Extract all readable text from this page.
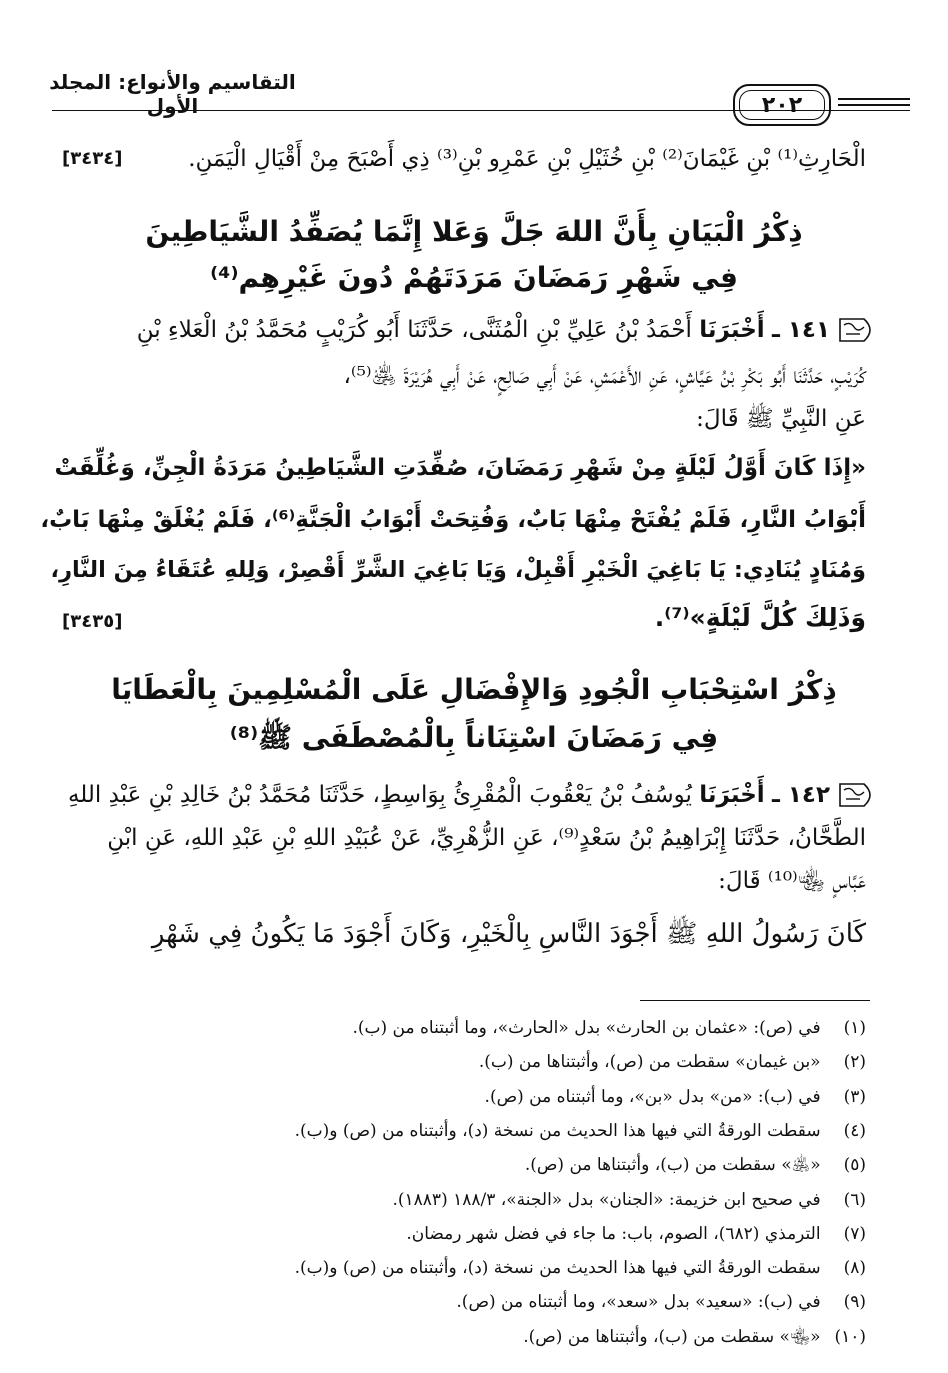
التقاسيم والأنواع: المجلد الأول	٢٠٢
[٣٤٣٤]	الْحَارِثِ⁽¹⁾ بْنِ غَيْمَانَ⁽²⁾ بْنِ خُثَيْلِ بْنِ عَمْرِو بْنِ⁽³⁾ ذِي أَصْبَحَ مِنْ أَقْيَالِ الْيَمَنِ.
ذِكْرُ الْبَيَانِ بِأَنَّ اللهَ جَلَّ وَعَلا إِنَّمَا يُصَفِّدُ الشَّيَاطِينَ
فِي شَهْرِ رَمَضَانَ مَرَدَتَهُمْ دُونَ غَيْرِهِم⁽⁴⁾
١٤١ ـ أَخْبَرَنَا أَحْمَدُ بْنُ عَلِيِّ بْنِ الْمُثَنَّى، حَدَّثَنَا أَبُو كُرَيْبٍ مُحَمَّدُ بْنُ الْعَلاءِ بْنِ
كُرَيْبٍ، حَدَّثَنَا أَبُو بَكْرِ بْنُ عَيَّاشٍ، عَنِ الأَعْمَشِ، عَنْ أَبِي صَالِحٍ، عَنْ أَبِي هُرَيْرَةَ ﵁⁽⁵⁾،
عَنِ النَّبِيِّ ﷺ قَالَ:
«إِذَا كَانَ أَوَّلُ لَيْلَةٍ مِنْ شَهْرِ رَمَضَانَ، صُفِّدَتِ الشَّيَاطِينُ مَرَدَةُ الْجِنِّ، وَغُلِّقَتْ
أَبْوَابُ النَّارِ، فَلَمْ يُفْتَحْ مِنْهَا بَابٌ، وَفُتِحَتْ أَبْوَابُ الْجَنَّةِ⁽⁶⁾، فَلَمْ يُغْلَقْ مِنْهَا بَابٌ،
وَمُنَادٍ يُنَادِي: يَا بَاغِيَ الْخَيْرِ أَقْبِلْ، وَيَا بَاغِيَ الشَّرِّ أَقْصِرْ، وَلِلهِ عُتَقَاءُ مِنَ النَّارِ،
وَذَلِكَ كُلَّ لَيْلَةٍ»⁽⁷⁾.
[٣٤٣٥]
ذِكْرُ اسْتِحْبَابِ الْجُودِ وَالإِفْضَالِ عَلَى الْمُسْلِمِينَ بِالْعَطَايَا
فِي رَمَضَانَ اسْتِنَاناً بِالْمُصْطَفَى ﷺ⁽⁸⁾
١٤٢ ـ أَخْبَرَنَا يُوسُفُ بْنُ يَعْقُوبَ الْمُقْرِئُ بِوَاسِطٍ، حَدَّثَنَا مُحَمَّدُ بْنُ خَالِدِ بْنِ عَبْدِ اللهِ
الطَّحَّانُ، حَدَّثَنَا إِبْرَاهِيمُ بْنُ سَعْدٍ⁽⁹⁾، عَنِ الزُّهْرِيِّ، عَنْ عُبَيْدِ اللهِ بْنِ عَبْدِ اللهِ، عَنِ ابْنِ
عَبَّاسٍ ﵄⁽¹⁰⁾ قَالَ:
كَانَ رَسُولُ اللهِ ﷺ أَجْوَدَ النَّاسِ بِالْخَيْرِ، وَكَانَ أَجْوَدَ مَا يَكُونُ فِي شَهْرِ
(١) في (ص): «عثمان بن الحارث» بدل «الحارث»، وما أثبتناه من (ب).
(٢) «بن غيمان» سقطت من (ص)، وأثبتناها من (ب).
(٣) في (ب): «من» بدل «بن»، وما أثبتناه من (ص).
(٤) سقطت الورقةُ التي فيها هذا الحديث من نسخة (د)، وأثبتناه من (ص) و(ب).
(٥) «﵁» سقطت من (ب)، وأثبتناها من (ص).
(٦) في صحيح ابن خزيمة: «الجنان» بدل «الجنة»، ١٨٨/٣ (١٨٨٣).
(٧) الترمذي (٦٨٢)، الصوم، باب: ما جاء في فضل شهر رمضان.
(٨) سقطت الورقةُ التي فيها هذا الحديث من نسخة (د)، وأثبتناه من (ص) و(ب).
(٩) في (ب): «سعيد» بدل «سعد»، وما أثبتناه من (ص).
(١٠) «﵄» سقطت من (ب)، وأثبتناها من (ص).
